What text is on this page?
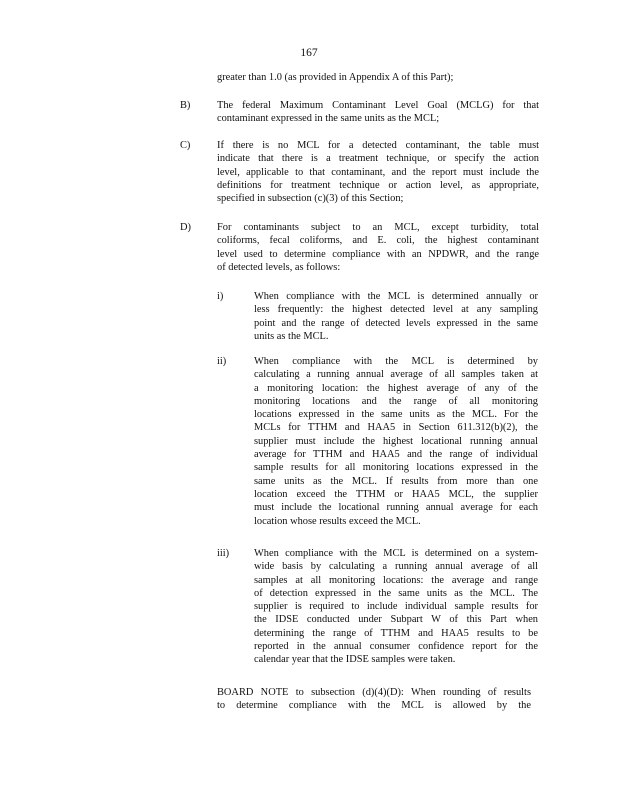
167
greater than 1.0 (as provided in Appendix A of this Part);
B)	The federal Maximum Contaminant Level Goal (MCLG) for that
contaminant expressed in the same units as the MCL;
C)	If there is no MCL for a detected contaminant, the table must
indicate that there is a treatment technique, or specify the action
level, applicable to that contaminant, and the report must include the
definitions for treatment technique or action level, as appropriate,
specified in subsection (c)(3) of this Section;
D)	For contaminants subject to an MCL, except turbidity, total
coliforms, fecal coliforms, and E. coli, the highest contaminant
level used to determine compliance with an NPDWR, and the range
of detected levels, as follows:
i)	When compliance with the MCL is determined annually or
less frequently: the highest detected level at any sampling
point and the range of detected levels expressed in the same
units as the MCL.
ii)	When compliance with the MCL is determined by
calculating a running annual average of all samples taken at
a monitoring location: the highest average of any of the
monitoring locations and the range of all monitoring
locations expressed in the same units as the MCL. For the
MCLs for TTHM and HAA5 in Section 611.312(b)(2), the
supplier must include the highest locational running annual
average for TTHM and HAA5 and the range of individual
sample results for all monitoring locations expressed in the
same units as the MCL. If results from more than one
location exceed the TTHM or HAA5 MCL, the supplier
must include the locational running annual average for each
location whose results exceed the MCL.
iii) When compliance with the MCL is determined on a system-
wide basis by calculating a running annual average of all
samples at all monitoring locations: the average and range
of detection expressed in the same units as the MCL. The
supplier is required to include individual sample results for
the IDSE conducted under Subpart W of this Part when
determining the range of TTHM and HAA5 results to be
reported in the annual consumer confidence report for the
calendar year that the IDSE samples were taken.
BOARD NOTE to subsection (d)(4)(D): When rounding of results
to determine compliance with the MCL is allowed by the
